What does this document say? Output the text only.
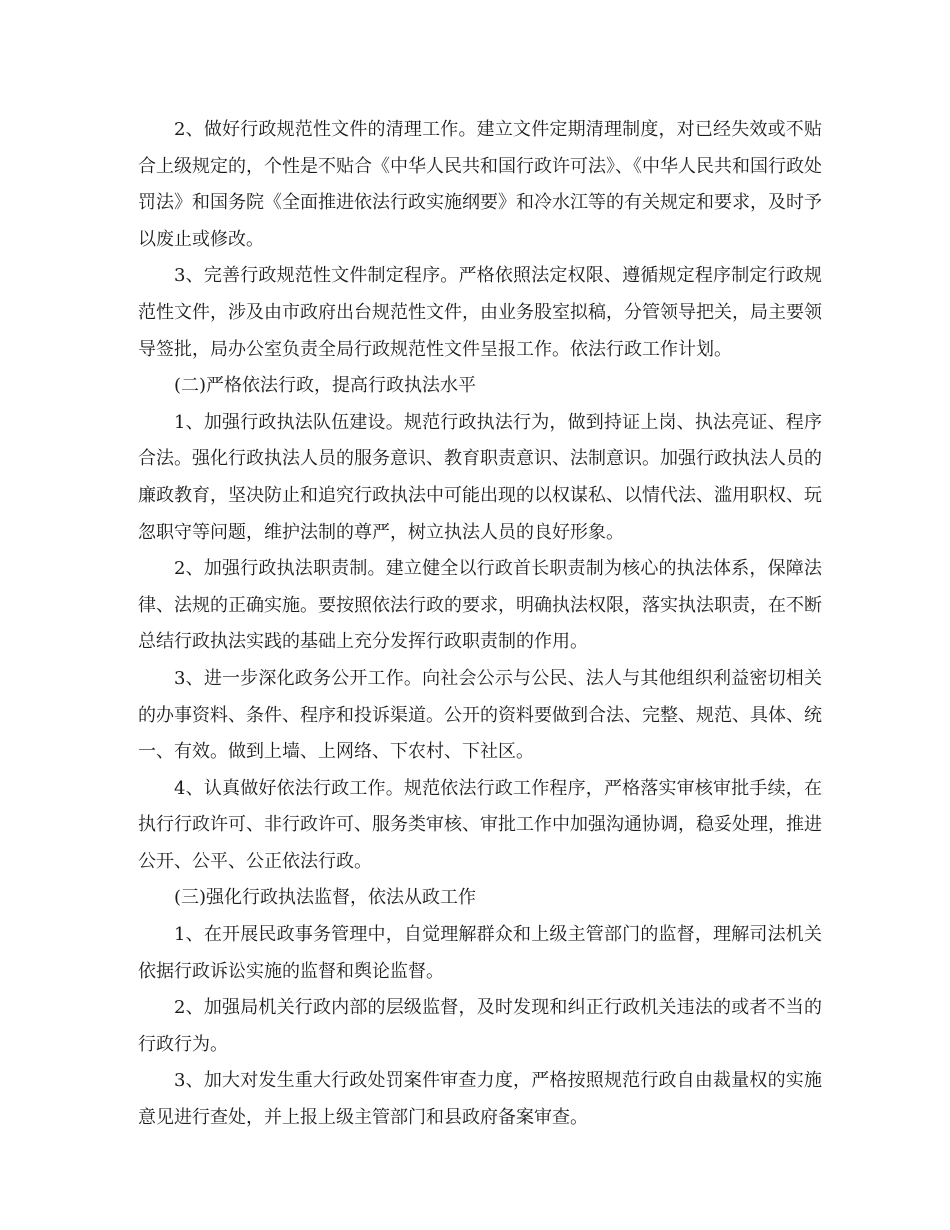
2、做好行政规范性文件的清理工作。建立文件定期清理制度，对已经失效或不贴合上级规定的，个性是不贴合《中华人民共和国行政许可法》、《中华人民共和国行政处罚法》和国务院《全面推进依法行政实施纲要》和冷水江等的有关规定和要求，及时予以废止或修改。

3、完善行政规范性文件制定程序。严格依照法定权限、遵循规定程序制定行政规范性文件，涉及由市政府出台规范性文件，由业务股室拟稿，分管领导把关，局主要领导签批，局办公室负责全局行政规范性文件呈报工作。依法行政工作计划。

(二)严格依法行政，提高行政执法水平

1、加强行政执法队伍建设。规范行政执法行为，做到持证上岗、执法亮证、程序合法。强化行政执法人员的服务意识、教育职责意识、法制意识。加强行政执法人员的廉政教育，坚决防止和追究行政执法中可能出现的以权谋私、以情代法、滥用职权、玩忽职守等问题，维护法制的尊严，树立执法人员的良好形象。

2、加强行政执法职责制。建立健全以行政首长职责制为核心的执法体系，保障法律、法规的正确实施。要按照依法行政的要求，明确执法权限，落实执法职责，在不断总结行政执法实践的基础上充分发挥行政职责制的作用。

3、进一步深化政务公开工作。向社会公示与公民、法人与其他组织利益密切相关的办事资料、条件、程序和投诉渠道。公开的资料要做到合法、完整、规范、具体、统一、有效。做到上墙、上网络、下农村、下社区。

4、认真做好依法行政工作。规范依法行政工作程序，严格落实审核审批手续，在执行行政许可、非行政许可、服务类审核、审批工作中加强沟通协调，稳妥处理，推进公开、公平、公正依法行政。

(三)强化行政执法监督，依法从政工作

1、在开展民政事务管理中，自觉理解群众和上级主管部门的监督，理解司法机关依据行政诉讼实施的监督和舆论监督。

2、加强局机关行政内部的层级监督，及时发现和纠正行政机关违法的或者不当的行政行为。

3、加大对发生重大行政处罚案件审查力度，严格按照规范行政自由裁量权的实施意见进行查处，并上报上级主管部门和县政府备案审查。
